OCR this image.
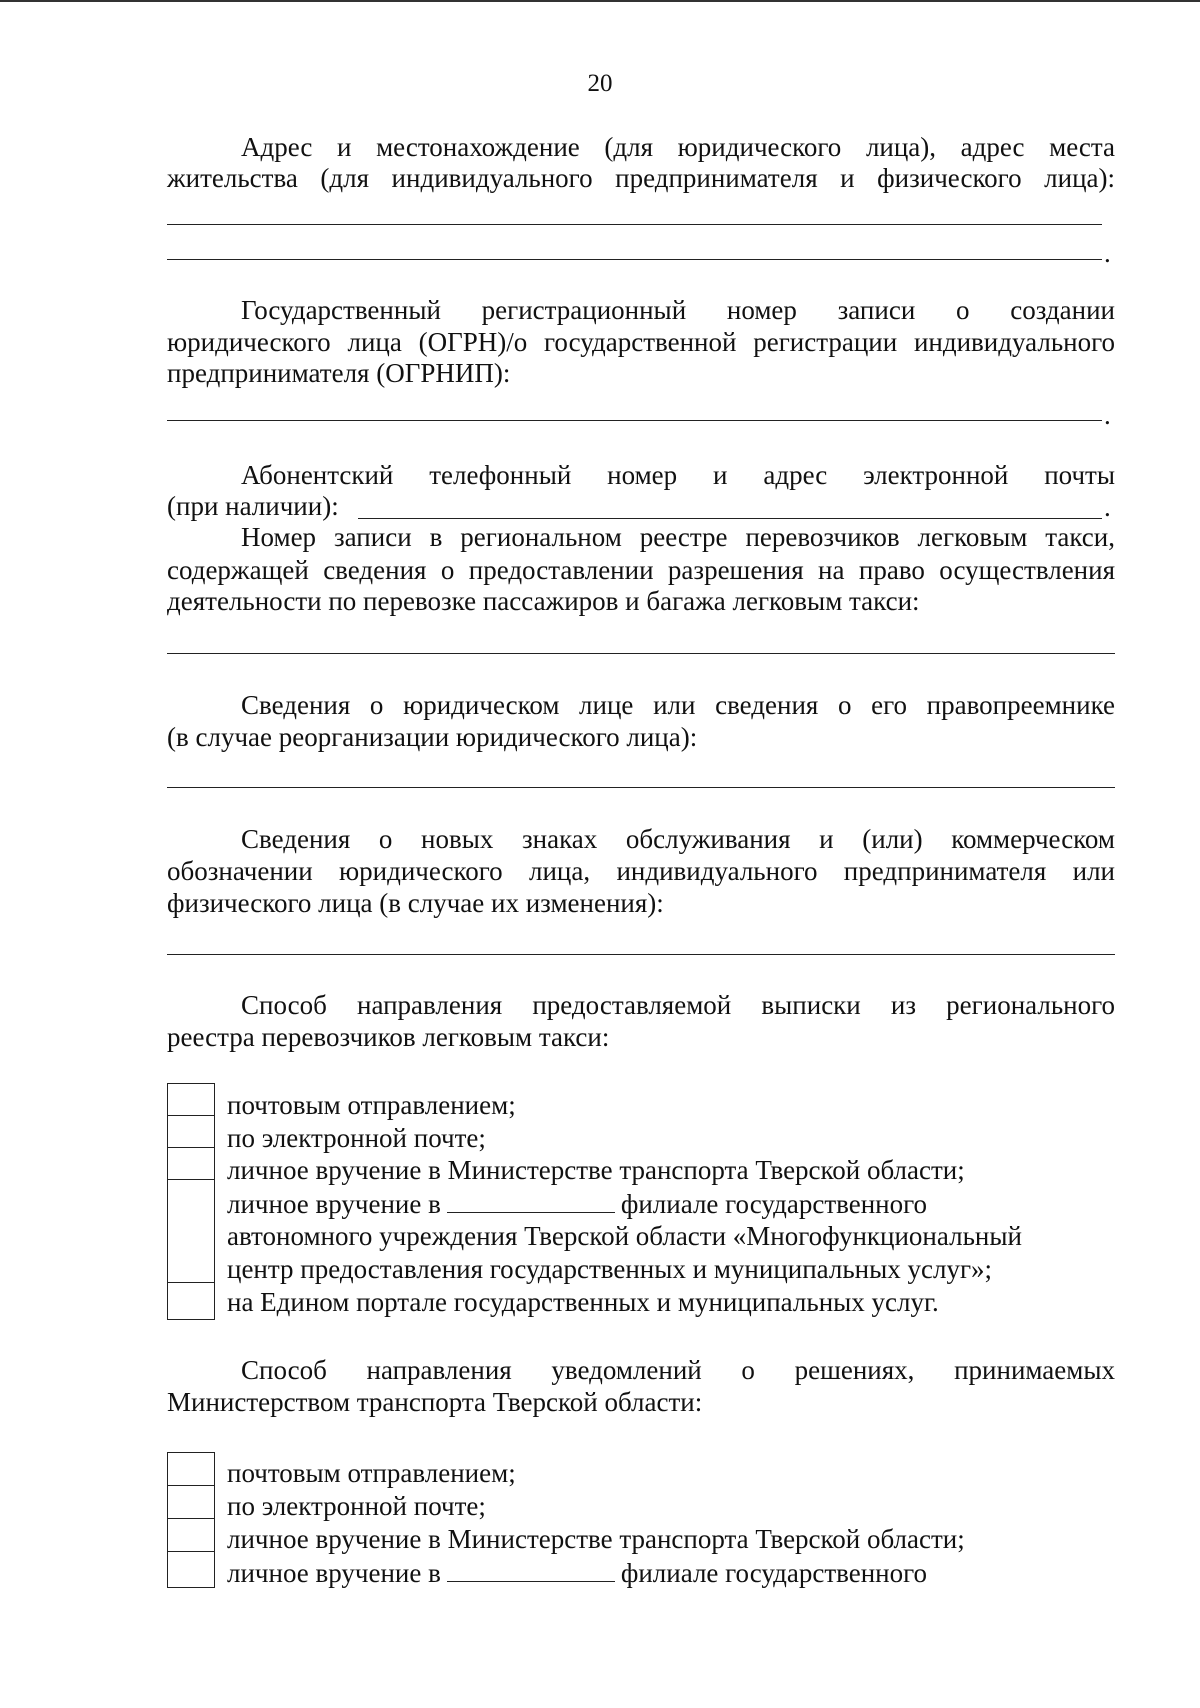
20
Адрес и местонахождение (для юридического лица), адрес места
жительства (для индивидуального предпринимателя и физического лица):
.
Государственный регистрационный номер записи о создании
юридического лица (ОГРН)/о государственной регистрации индивидуального
предпринимателя (ОГРНИП):
.
Абонентский телефонный номер и адрес электронной почты
(при наличии):	.
Номер записи в региональном реестре перевозчиков легковым такси,
содержащей сведения о предоставлении разрешения на право осуществления
деятельности по перевозке пассажиров и багажа легковым такси:
Сведения о юридическом лице или сведения о его правопреемнике
(в случае реорганизации юридического лица):
Сведения о новых знаках обслуживания и (или) коммерческом
обозначении юридического лица, индивидуального предпринимателя или
физического лица (в случае их изменения):
Способ направления предоставляемой выписки из регионального
реестра перевозчиков легковым такси:
почтовым отправлением;
по электронной почте;
личное вручение в Министерстве транспорта Тверской области;
личное вручение в	филиале государственного
автономного учреждения Тверской области «Многофункциональный
центр предоставления государственных и муниципальных услуг»;
на Едином портале государственных и муниципальных услуг.
Способ направления уведомлений о решениях, принимаемых
Министерством транспорта Тверской области:
почтовым отправлением;
по электронной почте;
личное вручение в Министерстве транспорта Тверской области;
личное вручение в	филиале государственного
